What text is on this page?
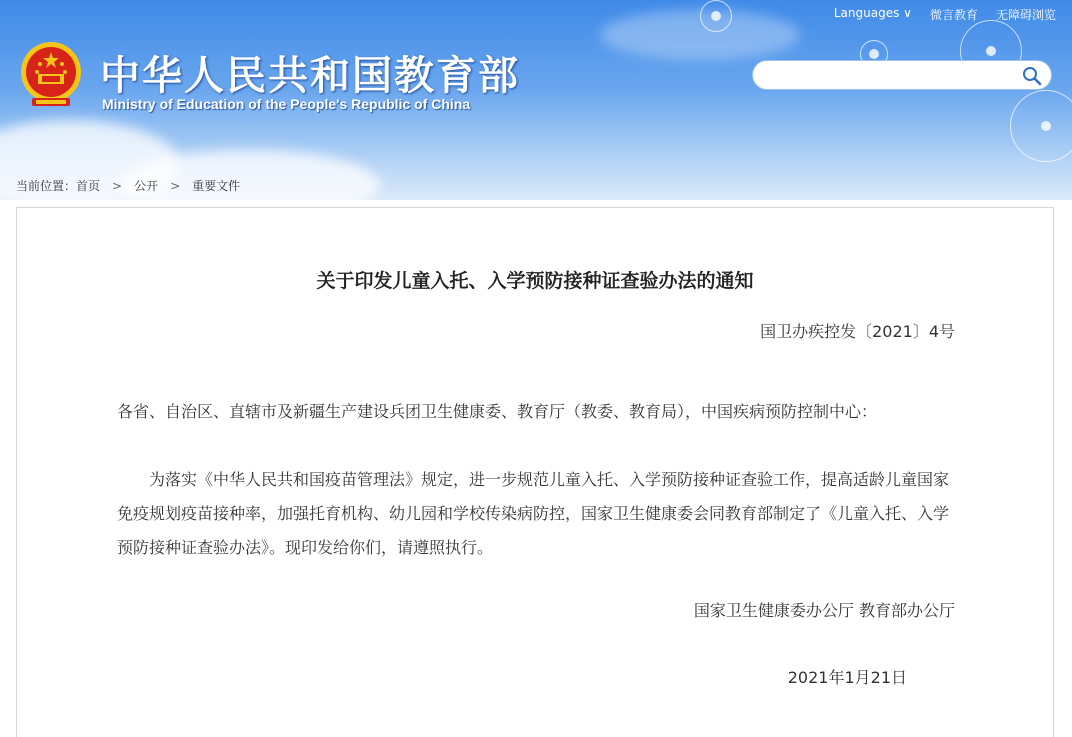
Languages ∨ 微言教育 无障碍浏览
中华人民共和国教育部
Ministry of Education of the People's Republic of China
当前位置： 首页 > 公开 > 重要文件
关于印发儿童入托、入学预防接种证查验办法的通知
国卫办疾控发〔2021〕4号
各省、自治区、直辖市及新疆生产建设兵团卫生健康委、教育厅（教委、教育局），中国疾病预防控制中心：
为落实《中华人民共和国疫苗管理法》规定，进一步规范儿童入托、入学预防接种证查验工作，提高适龄儿童国家免疫规划疫苗接种率，加强托育机构、幼儿园和学校传染病防控，国家卫生健康委会同教育部制定了《儿童入托、入学预防接种证查验办法》。现印发给你们，请遵照执行。
国家卫生健康委办公厅 教育部办公厅
2021年1月21日
